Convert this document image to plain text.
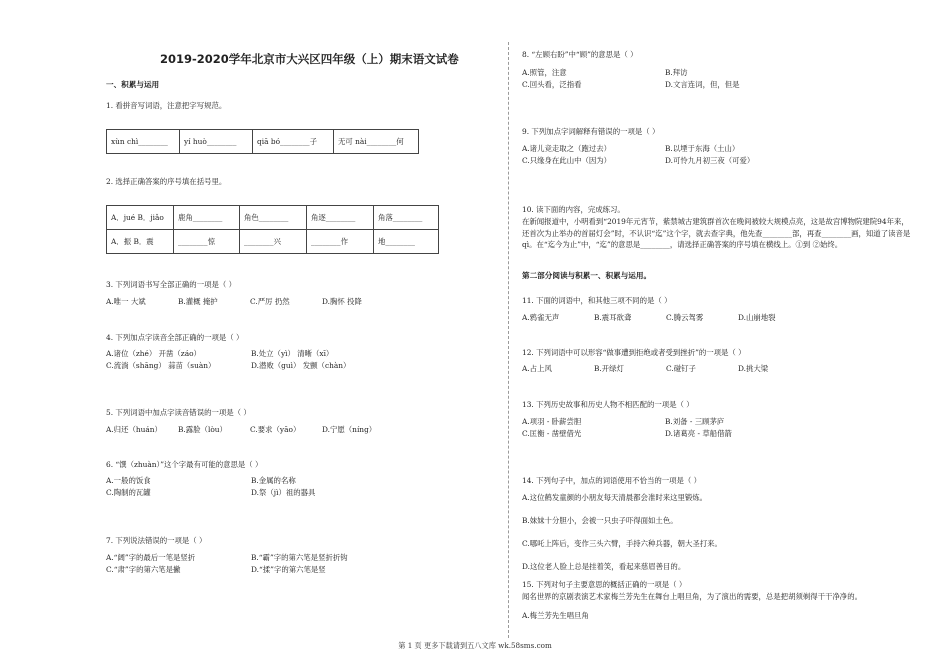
2019-2020学年北京市大兴区四年级（上）期末语文试卷
一、积累与运用
1. 看拼音写词语，注意把字写规范。
xùn chì________	yí huò________	qiā bó________子	无可 nài________何
2. 选择正确答案的序号填在括号里。
A．jué B．jiǎo	鹿角________	角色________	角逐________	角落________
A．振 B．震	________惊	________兴	________作	地________
3. 下列词语书写全部正确的一项是（ ）
A.唯一 大斌	B.灌概 掩护	C.严厉 扔然	D.胸怀 投降
4. 下列加点字读音全部正确的一项是（ ）
A.诸位（zhé） 开凿（záo）	B.处立（yì） 清晰（xī）
C.流淌（shāng） 蒜苗（suàn）	D.潜败（guì） 发颤（chàn）
5. 下列词语中加点字读音错误的一项是（ ）
A.归还（huán） B.露脸（lòu）	C.要求（yāo）	D.宁愿（níng）
6. “馔（zhuàn）”这个字最有可能的意思是（ ）
A.一般的饭食	B.金属的名称
C.陶制的瓦罐	D.祭（jì）祖的器具
7. 下列说法错误的一项是（ ）
A.“阔”字的最后一笔是竖折	B.“霸”字的第六笔是竖折折钩
C.“肃”字的第六笔是撇	D.“揉”字的第六笔是竖
8. “左顾右盼”中“顾”的意思是（ ）
A.照管，注意	B.拜访
C.回头看，泛指看	D.文言连词，但，但是
9. 下列加点字词解释有错误的一项是（ ）
A.诸儿竞走取之（跑过去）	B.以堙于东海（土山）
C.只缘身在此山中（因为）	D.可怜九月初三夜（可爱）
10. 读下面的内容，完成练习。
在新闻报道中，小明看到“2019年元宵节，紫禁城古建筑群首次在晚间被较大规模点亮，这是故宫博物院建院94年来，还首次为止举办的首届灯会”时，不认识“迄”这个字，就去查字典，他先查________部，再查________画，知道了读音是qì。在“迄今为止”中，“迄”的意思是________，请选择正确答案的序号填在横线上。①到 ②始终。
第二部分阅读与积累一、积累与运用。
11. 下面的词语中，和其他三项不同的是（ ）
A.鸦雀无声	B.震耳欲聋	C.腾云驾雾	D.山崩地裂
12. 下列词语中可以形容“做事遭到拒绝或者受到挫折”的一项是（ ）
A.占上风	B.开绿灯	C.碰钉子	D.挑大梁
13. 下列历史故事和历史人物不相匹配的一项是（ ）
A.项羽 - 卧薪尝胆	B.刘备 - 三顾茅庐
C.匡衡 - 凿壁借光	D.诸葛亮 - 草船借箭
14. 下列句子中，加点的词语使用不恰当的一项是（ ）
A.这位鹤发童颜的小朋友每天清晨都会准时来这里锻炼。
B.妹妹十分胆小，会被一只虫子吓得面如土色。
C.哪吒上阵后，变作三头六臂，手持六种兵器，朝大圣打来。
D.这位老人脸上总是挂着笑，看起来慈眉善目的。
15. 下列对句子主要意思的概括正确的一项是（ ）
闻名世界的京剧表演艺术家梅兰芳先生在舞台上唱旦角，为了演出的需要，总是把胡须剃得干干净净的。
A.梅兰芳先生唱旦角
第 1 页 更多下载请到五八文库 wk.58sms.com
